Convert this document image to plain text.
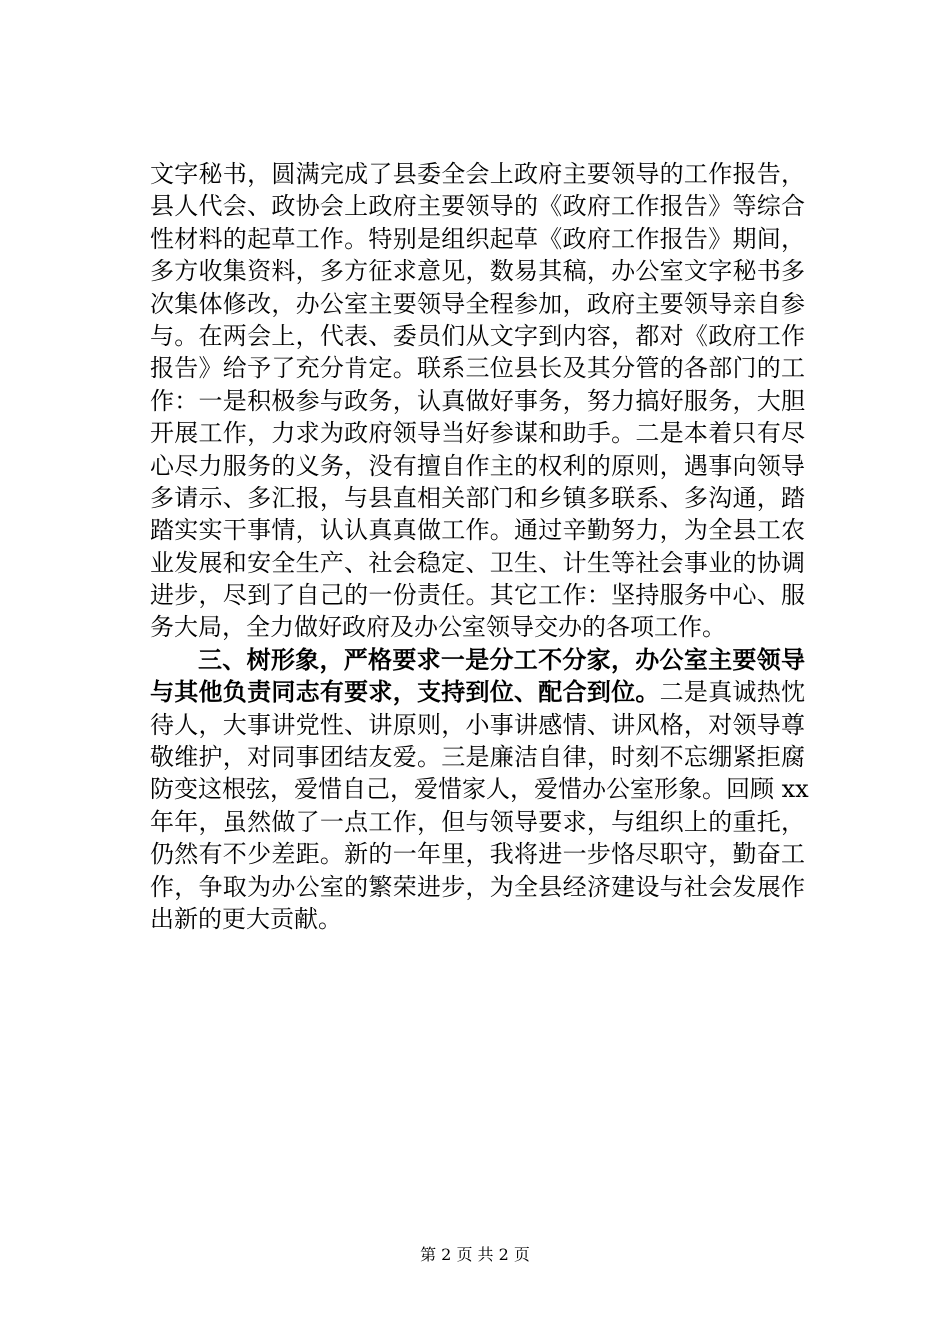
文字秘书，圆满完成了县委全会上政府主要领导的工作报告，
县人代会、政协会上政府主要领导的《政府工作报告》等综合
性材料的起草工作。特别是组织起草《政府工作报告》期间，
多方收集资料，多方征求意见，数易其稿，办公室文字秘书多
次集体修改，办公室主要领导全程参加，政府主要领导亲自参
与。在两会上，代表、委员们从文字到内容，都对《政府工作
报告》给予了充分肯定。联系三位县长及其分管的各部门的工
作：一是积极参与政务，认真做好事务，努力搞好服务，大胆
开展工作，力求为政府领导当好参谋和助手。二是本着只有尽
心尽力服务的义务，没有擅自作主的权利的原则，遇事向领导
多请示、多汇报，与县直相关部门和乡镇多联系、多沟通，踏
踏实实干事情，认认真真做工作。通过辛勤努力，为全县工农
业发展和安全生产、社会稳定、卫生、计生等社会事业的协调
进步，尽到了自己的一份责任。其它工作：坚持服务中心、服
务大局，全力做好政府及办公室领导交办的各项工作。
三、树形象，严格要求一是分工不分家，办公室主要领导
与其他负责同志有要求，支持到位、配合到位。二是真诚热忱
待人，大事讲党性、讲原则，小事讲感情、讲风格，对领导尊
敬维护，对同事团结友爱。三是廉洁自律，时刻不忘绷紧拒腐
防变这根弦，爱惜自己，爱惜家人，爱惜办公室形象。回顾 xx
年年，虽然做了一点工作，但与领导要求，与组织上的重托，
仍然有不少差距。新的一年里，我将进一步恪尽职守，勤奋工
作，争取为办公室的繁荣进步，为全县经济建设与社会发展作
出新的更大贡献。
第 2 页 共 2 页
